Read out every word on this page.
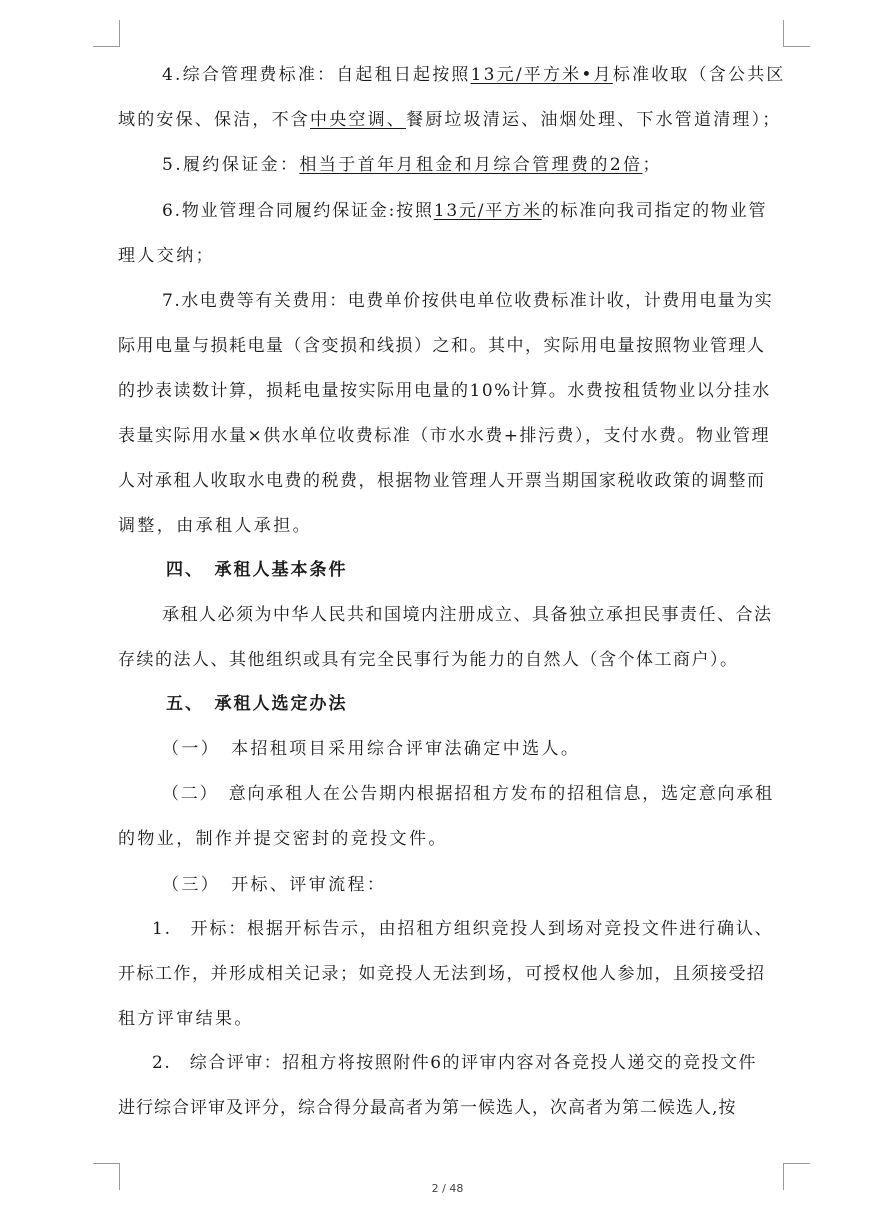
4.综合管理费标准：自起租日起按照13元/平方米•月标准收取（含公共区
域的安保、保洁，不含中央空调、餐厨垃圾清运、油烟处理、下水管道清理）；
5.履约保证金：相当于首年月租金和月综合管理费的2倍；
6.物业管理合同履约保证金:按照13元/平方米的标准向我司指定的物业管
理人交纳；
7.水电费等有关费用：电费单价按供电单位收费标准计收，计费用电量为实
际用电量与损耗电量（含变损和线损）之和。其中，实际用电量按照物业管理人
的抄表读数计算，损耗电量按实际用电量的10%计算。水费按租赁物业以分挂水
表量实际用水量×供水单位收费标准（市水水费+排污费），支付水费。物业管理
人对承租人收取水电费的税费，根据物业管理人开票当期国家税收政策的调整而
调整，由承租人承担。
四、　承租人基本条件
承租人必须为中华人民共和国境内注册成立、具备独立承担民事责任、合法
存续的法人、其他组织或具有完全民事行为能力的自然人（含个体工商户）。
五、　承租人选定办法
（一）　本招租项目采用综合评审法确定中选人。
（二）　意向承租人在公告期内根据招租方发布的招租信息，选定意向承租
的物业，制作并提交密封的竞投文件。
（三）　开标、评审流程：
1.　开标：根据开标告示，由招租方组织竞投人到场对竞投文件进行确认、
开标工作，并形成相关记录；如竞投人无法到场，可授权他人参加，且须接受招
租方评审结果。
2.　综合评审：招租方将按照附件6的评审内容对各竞投人递交的竞投文件
进行综合评审及评分，综合得分最高者为第一候选人，次高者为第二候选人,按
2 / 48
